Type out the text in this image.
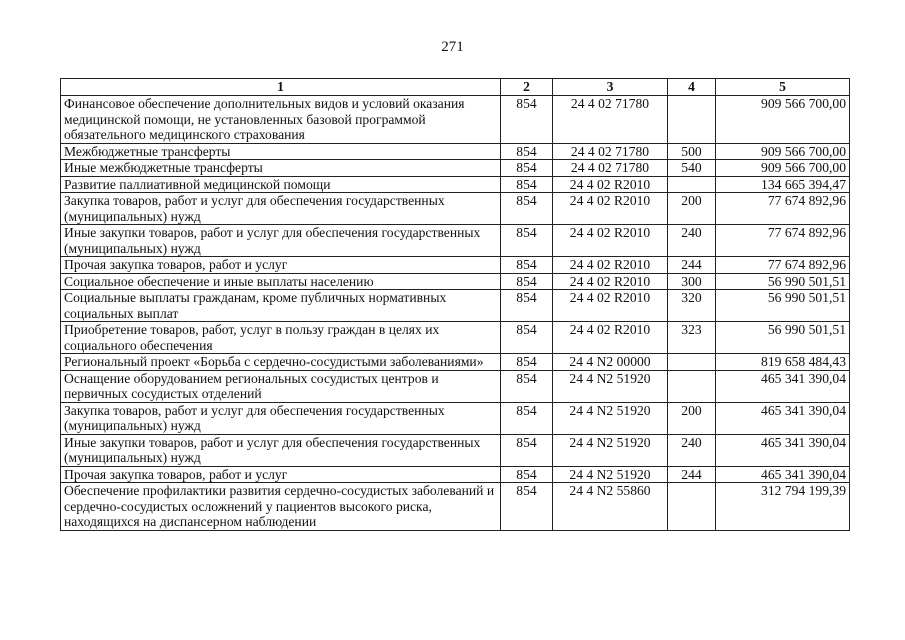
271
1	2	3	4	5
Финансовое обеспечение дополнительных видов и условий оказания медицинской помощи, не установленных базовой программой обязательного медицинского страхования	854	24 4 02 71780		909 566 700,00
Межбюджетные трансферты	854	24 4 02 71780	500	909 566 700,00
Иные межбюджетные трансферты	854	24 4 02 71780	540	909 566 700,00
Развитие паллиативной медицинской помощи	854	24 4 02 R2010		134 665 394,47
Закупка товаров, работ и услуг для обеспечения государственных (муниципальных) нужд	854	24 4 02 R2010	200	77 674 892,96
Иные закупки товаров, работ и услуг для обеспечения государственных (муниципальных) нужд	854	24 4 02 R2010	240	77 674 892,96
Прочая закупка товаров, работ и услуг	854	24 4 02 R2010	244	77 674 892,96
Социальное обеспечение и иные выплаты населению	854	24 4 02 R2010	300	56 990 501,51
Социальные выплаты гражданам, кроме публичных нормативных социальных выплат	854	24 4 02 R2010	320	56 990 501,51
Приобретение товаров, работ, услуг в пользу граждан в целях их социального обеспечения	854	24 4 02 R2010	323	56 990 501,51
Региональный проект «Борьба с сердечно-сосудистыми заболеваниями»	854	24 4 N2 00000		819 658 484,43
Оснащение оборудованием региональных сосудистых центров и первичных сосудистых отделений	854	24 4 N2 51920		465 341 390,04
Закупка товаров, работ и услуг для обеспечения государственных (муниципальных) нужд	854	24 4 N2 51920	200	465 341 390,04
Иные закупки товаров, работ и услуг для обеспечения государственных (муниципальных) нужд	854	24 4 N2 51920	240	465 341 390,04
Прочая закупка товаров, работ и услуг	854	24 4 N2 51920	244	465 341 390,04
Обеспечение профилактики развития сердечно-сосудистых заболеваний и сердечно-сосудистых осложнений у пациентов высокого риска, находящихся на диспансерном наблюдении	854	24 4 N2 55860		312 794 199,39
